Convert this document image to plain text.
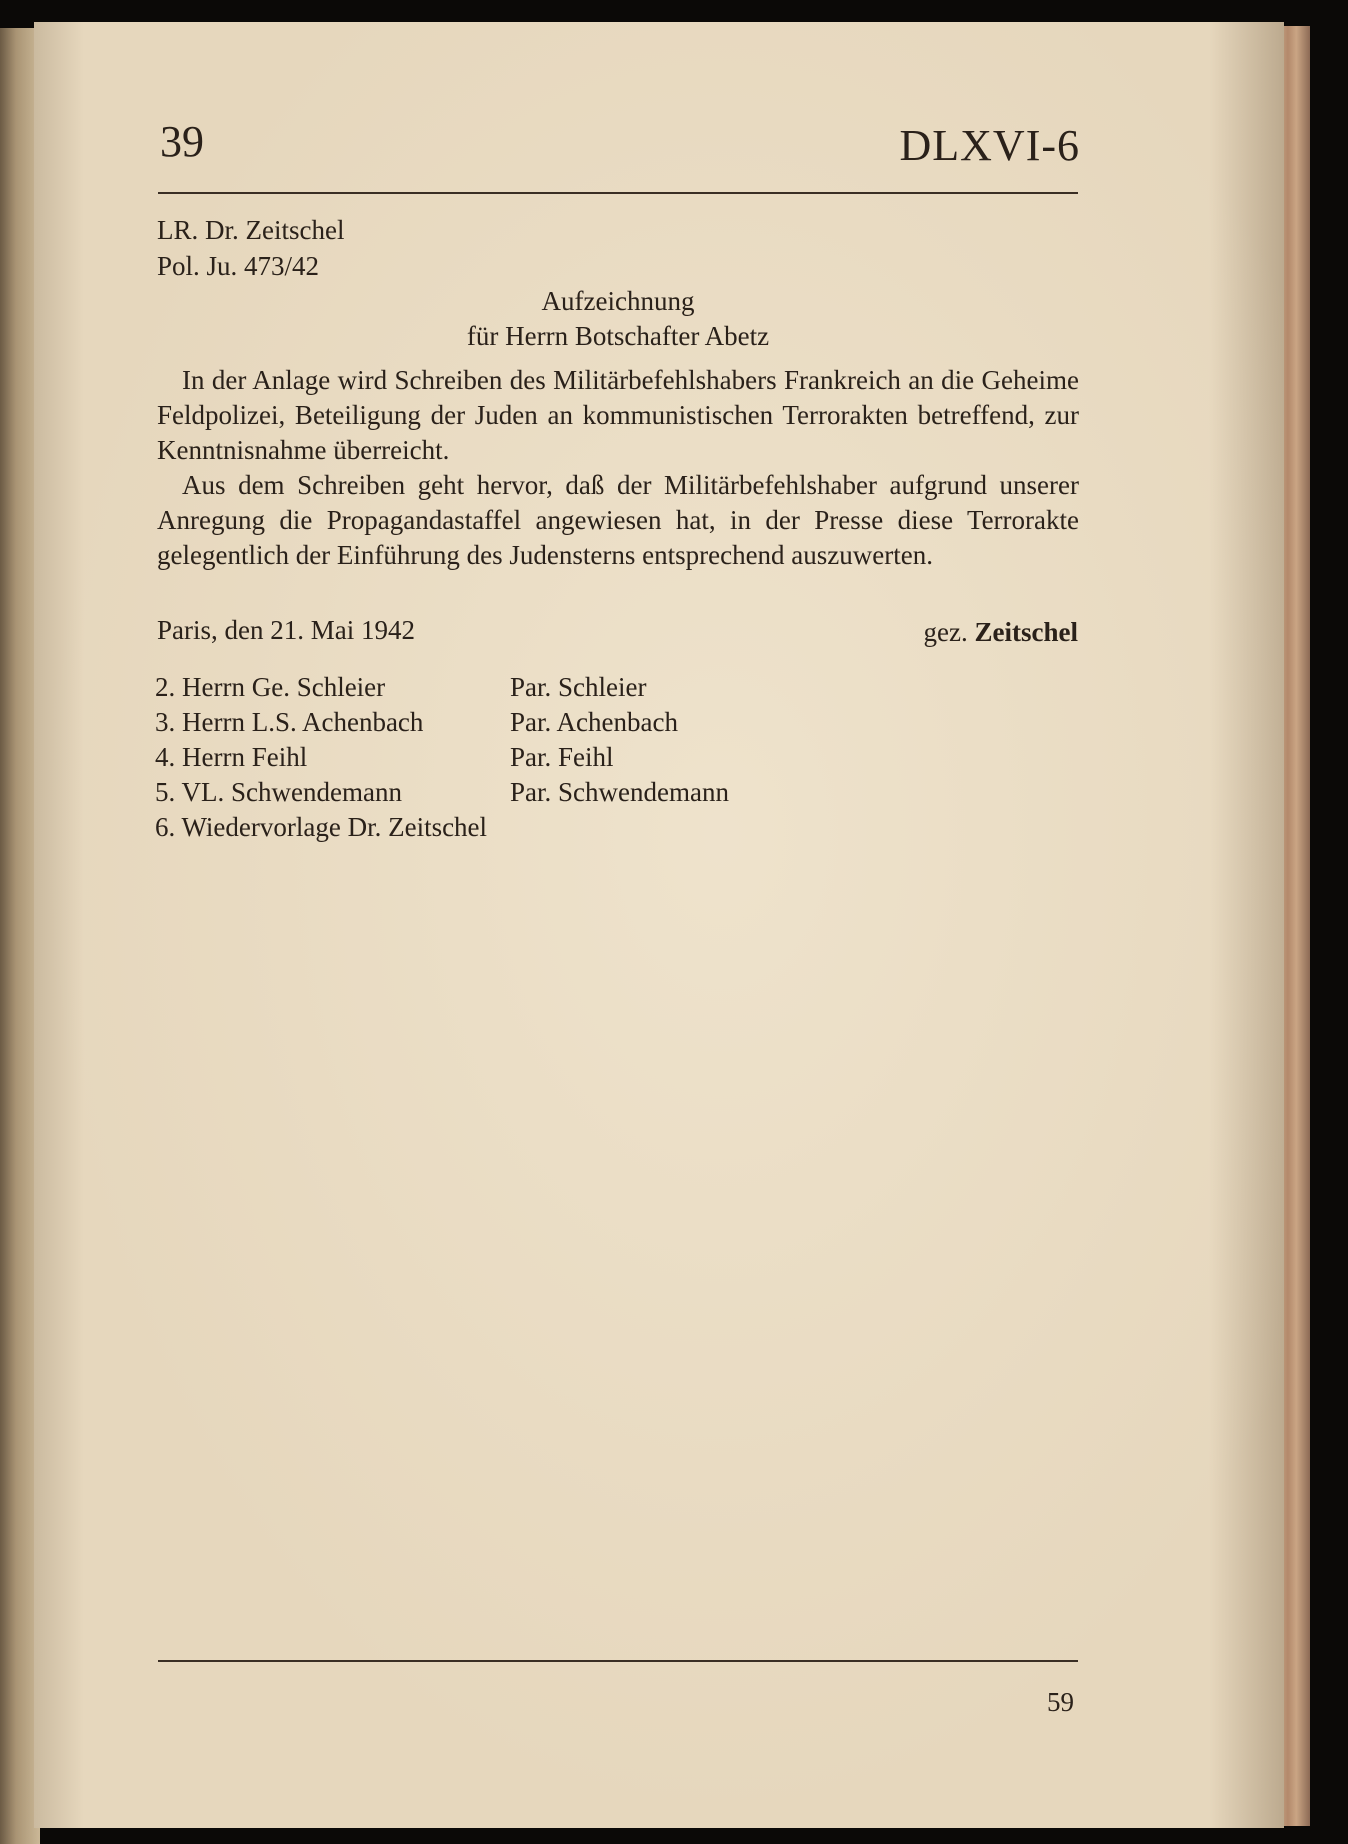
39	DLXVI-6

LR. Dr. Zeitschel

Pol. Ju. 473/42

Aufzeichnung

für Herrn Botschafter Abetz

In der Anlage wird Schreiben des Militärbefehlshabers Frankreich an die Geheime Feldpolizei, Beteiligung der Juden an kommunistischen Terrorakten betreffend, zur Kenntnisnahme überreicht.

Aus dem Schreiben geht hervor, daß der Militärbefehlshaber aufgrund unserer Anregung die Propagandastaffel angewiesen hat, in der Presse diese Terrorakte gelegentlich der Einführung des Judensterns entsprechend auszuwerten.

Paris, den 21. Mai 1942	gez. Zeitschel

2. Herrn Ge. Schleier	Par. Schleier
3. Herrn L.S. Achenbach	Par. Achenbach
4. Herrn Feihl	Par. Feihl
5. VL. Schwendemann	Par. Schwendemann
6. Wiedervorlage Dr. Zeitschel	

59
